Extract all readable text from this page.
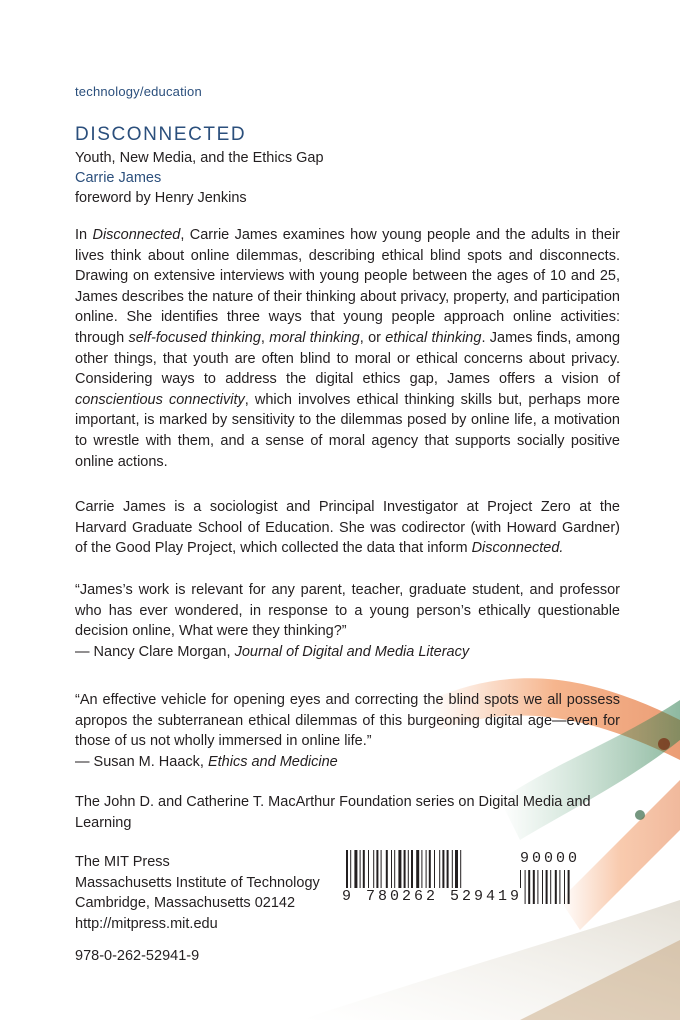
technology/education
DISCONNECTED
Youth, New Media, and the Ethics Gap
Carrie James
foreword by Henry Jenkins
In Disconnected, Carrie James examines how young people and the adults in their lives think about online dilemmas, describing ethical blind spots and disconnects. Drawing on extensive interviews with young people between the ages of 10 and 25, James describes the nature of their thinking about privacy, property, and participation online. She identifies three ways that young people approach online activities: through self-focused thinking, moral thinking, or ethical thinking. James finds, among other things, that youth are often blind to moral or ethical concerns about privacy. Considering ways to address the digital ethics gap, James offers a vision of conscientious connectivity, which involves ethical thinking skills but, perhaps more important, is marked by sensitivity to the dilemmas posed by online life, a motivation to wrestle with them, and a sense of moral agency that supports socially positive online actions.
Carrie James is a sociologist and Principal Investigator at Project Zero at the Harvard Graduate School of Education. She was codirector (with Howard Gardner) of the Good Play Project, which collected the data that inform Disconnected.
“James’s work is relevant for any parent, teacher, graduate student, and professor who has ever wondered, in response to a young person’s ethically questionable decision online, What were they thinking?”
— Nancy Clare Morgan, Journal of Digital and Media Literacy
“An effective vehicle for opening eyes and correcting the blind spots we all possess apropos the subterranean ethical dilemmas of this burgeoning digital age—even for those of us not wholly immersed in online life.”
— Susan M. Haack, Ethics and Medicine
The John D. and Catherine T. MacArthur Foundation series on Digital Media and Learning
The MIT Press
Massachusetts Institute of Technology
Cambridge, Massachusetts 02142
http://mitpress.mit.edu
978-0-262-52941-9
9 780262 529419
90000
